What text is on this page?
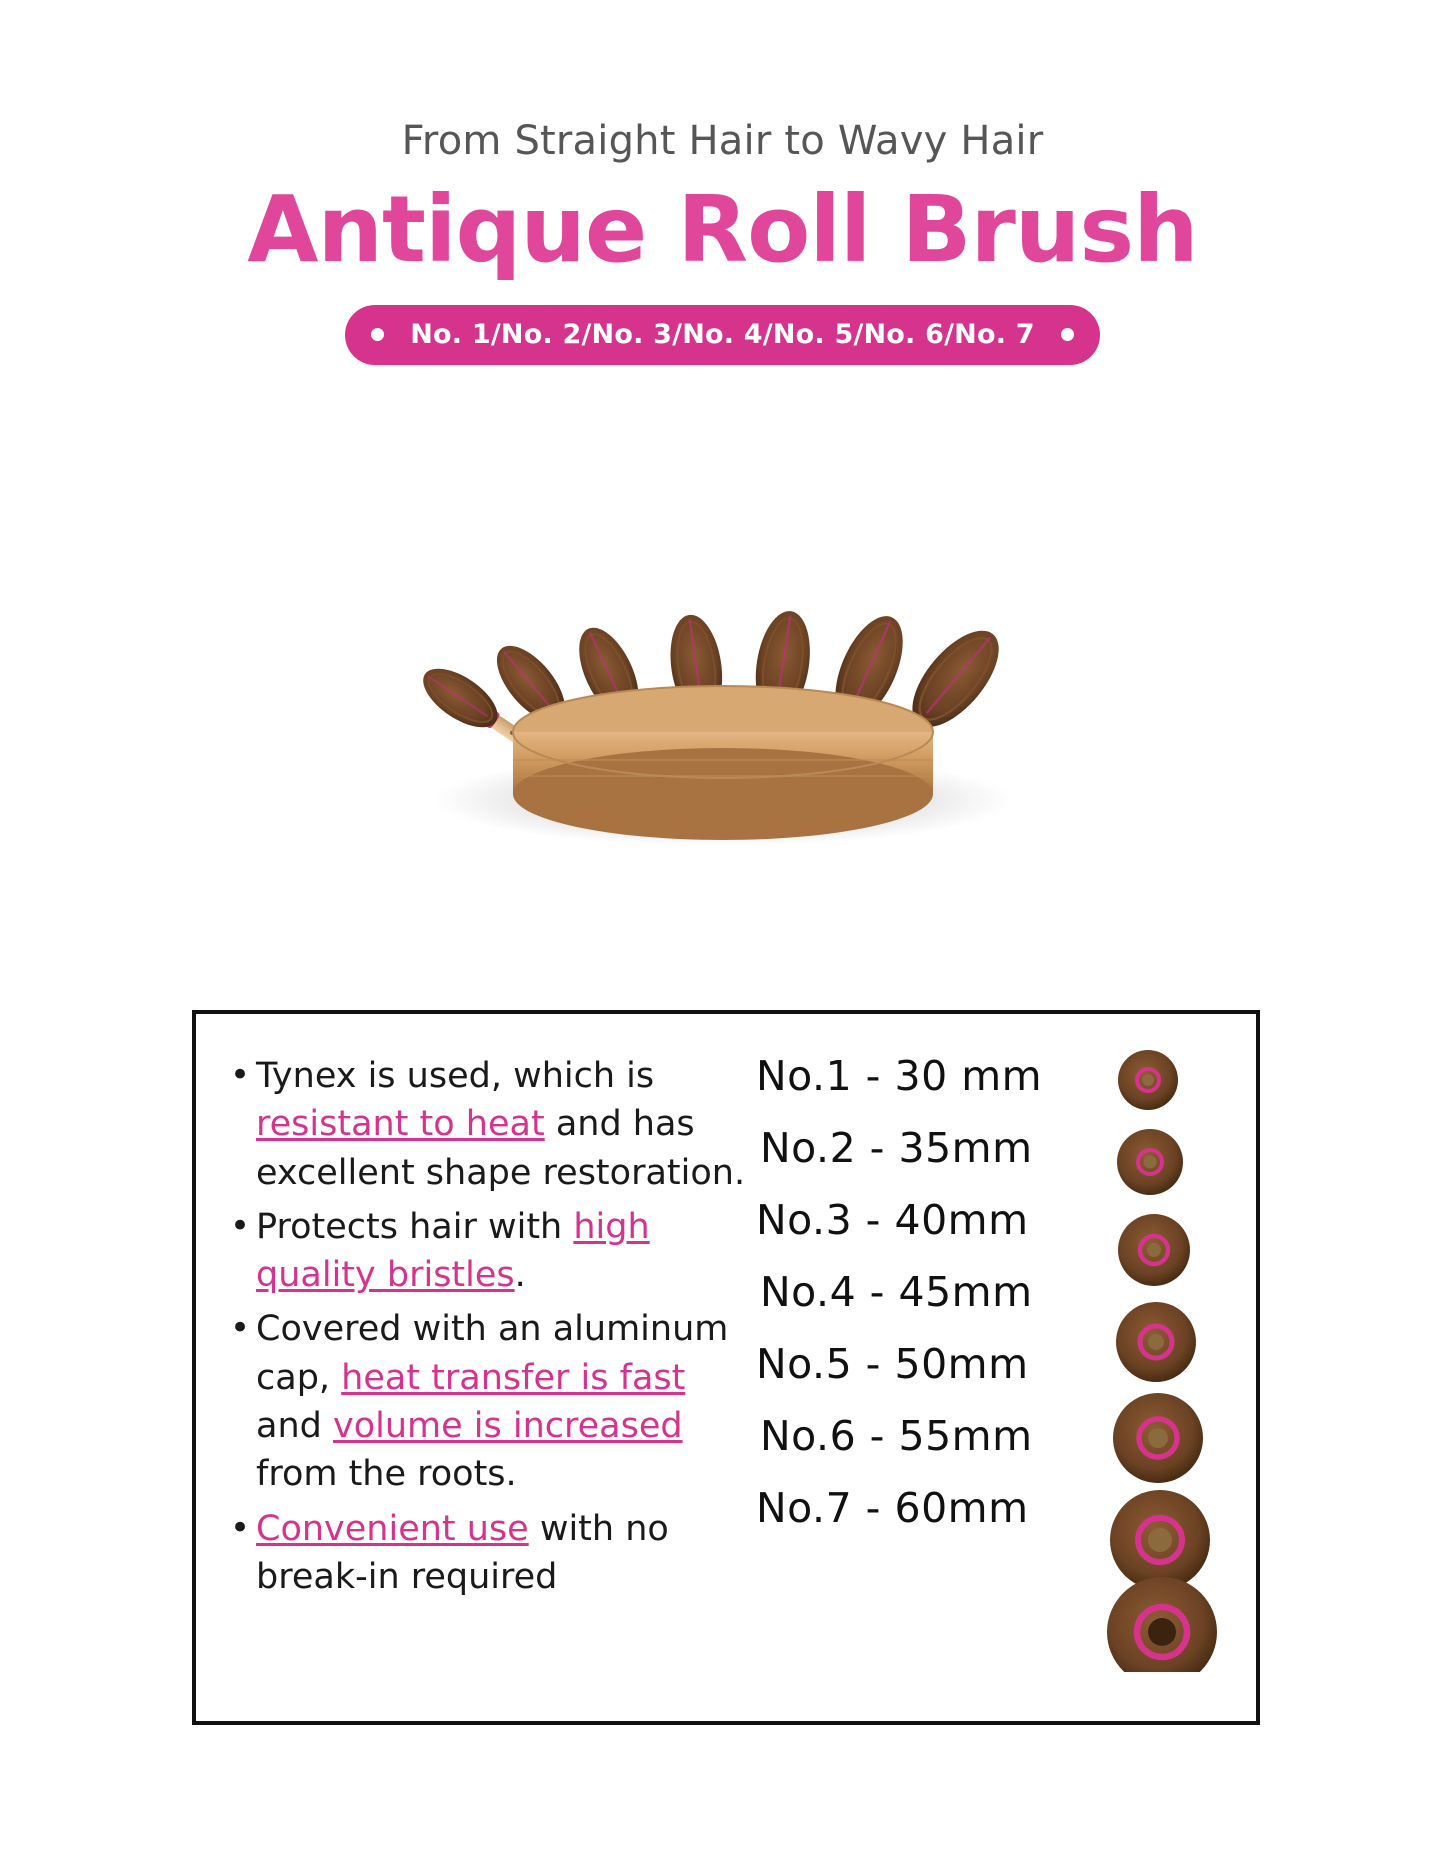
From Straight Hair to Wavy Hair
Antique Roll Brush
No. 1/No. 2/No. 3/No. 4/No. 5/No. 6/No. 7
• Tynex is used, which is resistant to heat and has excellent shape restoration.
• Protects hair with high quality bristles.
• Covered with an aluminum cap, heat transfer is fast and volume is increased from the roots.
• Convenient use with no break-in required
No.1 - 30 mm
No.2 - 35mm
No.3 - 40mm
No.4 - 45mm
No.5 - 50mm
No.6 - 55mm
No.7 - 60mm
